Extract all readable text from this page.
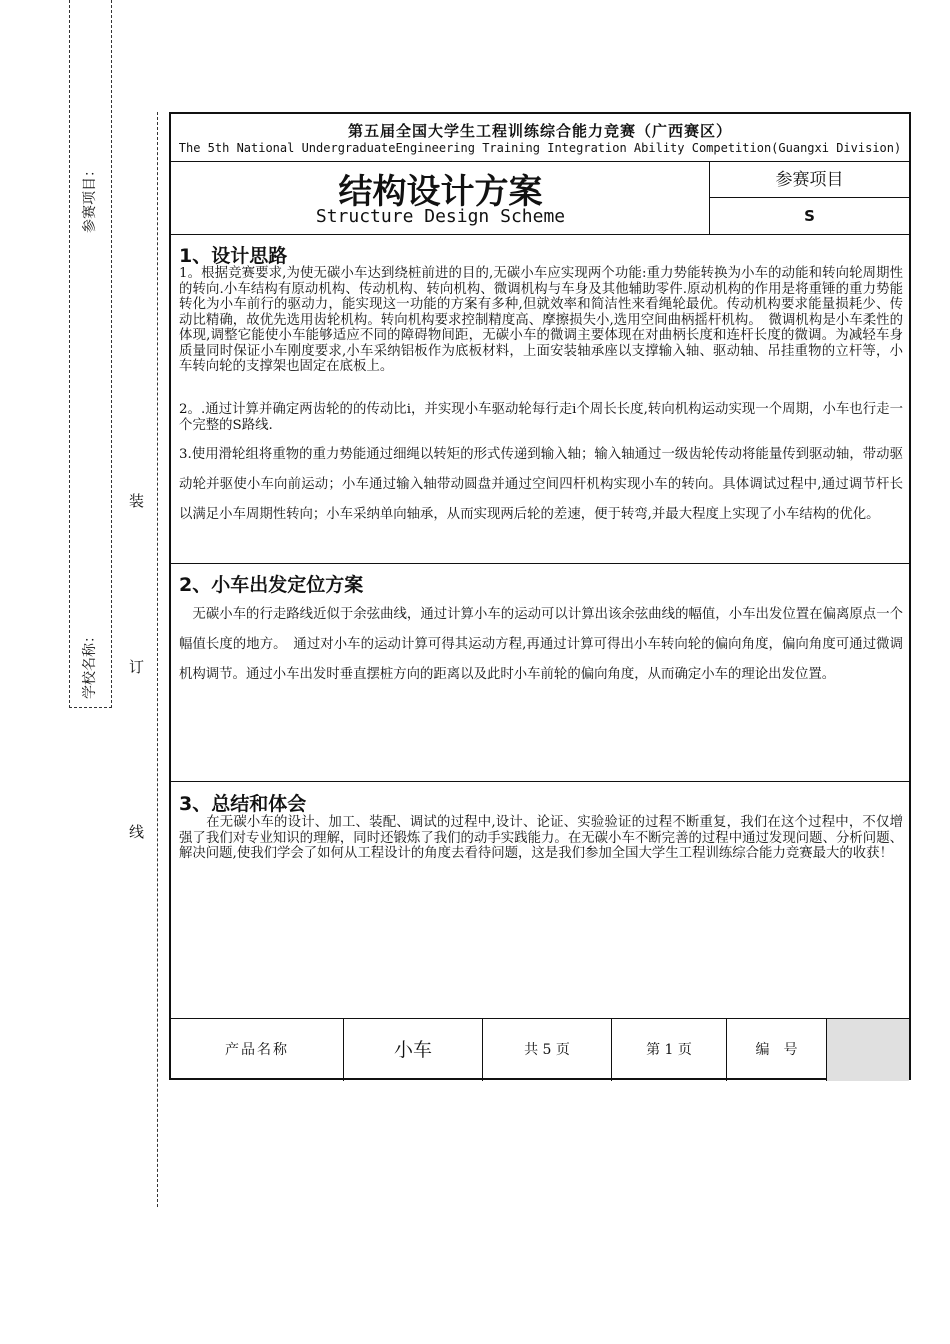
参赛项目：
学校名称：
装
订
线
第五届全国大学生工程训练综合能力竞赛（广西赛区）
The 5th National UndergraduateEngineering Training Integration Ability Competition(Guangxi Division)
结构设计方案
Structure Design Scheme
参赛项目
S
1、设计思路
1。根据竞赛要求,为使无碳小车达到绕桩前进的目的,无碳小车应实现两个功能:重力势能转换为小车的动能和转向轮周期性的转向.小车结构有原动机构、传动机构、转向机构、微调机构与车身及其他辅助零件.原动机构的作用是将重锤的重力势能转化为小车前行的驱动力，能实现这一功能的方案有多种,但就效率和简洁性来看绳轮最优。传动机构要求能量损耗少、传动比精确，故优先选用齿轮机构。转向机构要求控制精度高、摩擦损失小,选用空间曲柄摇杆机构。　微调机构是小车柔性的体现,调整它能使小车能够适应不同的障碍物间距，无碳小车的微调主要体现在对曲柄长度和连杆长度的微调。为减轻车身质量同时保证小车刚度要求,小车采纳铝板作为底板材料，上面安装轴承座以支撑输入轴、驱动轴、吊挂重物的立杆等，小车转向轮的支撑架也固定在底板上。
2。.通过计算并确定两齿轮的的传动比i，并实现小车驱动轮每行走i个周长长度,转向机构运动实现一个周期，小车也行走一个完整的S路线.
3.使用滑轮组将重物的重力势能通过细绳以转矩的形式传递到输入轴；输入轴通过一级齿轮传动将能量传到驱动轴，带动驱动轮并驱使小车向前运动；小车通过输入轴带动圆盘并通过空间四杆机构实现小车的转向。具体调试过程中,通过调节杆长以满足小车周期性转向；小车采纳单向轴承，从而实现两后轮的差速，便于转弯,并最大程度上实现了小车结构的优化。
2、小车出发定位方案
　无碳小车的行走路线近似于余弦曲线，通过计算小车的运动可以计算出该余弦曲线的幅值，小车出发位置在偏离原点一个幅值长度的地方。　通过对小车的运动计算可得其运动方程,再通过计算可得出小车转向轮的偏向角度，偏向角度可通过微调机构调节。通过小车出发时垂直摆桩方向的距离以及此时小车前轮的偏向角度，从而确定小车的理论出发位置。
3、总结和体会
　　在无碳小车的设计、加工、装配、调试的过程中,设计、论证、实验验证的过程不断重复，我们在这个过程中，不仅增强了我们对专业知识的理解，同时还锻炼了我们的动手实践能力。在无碳小车不断完善的过程中通过发现问题、分析问题、解决问题,使我们学会了如何从工程设计的角度去看待问题，这是我们参加全国大学生工程训练综合能力竞赛最大的收获！
产品名称	小车	共 5 页	第 1 页	编　号
